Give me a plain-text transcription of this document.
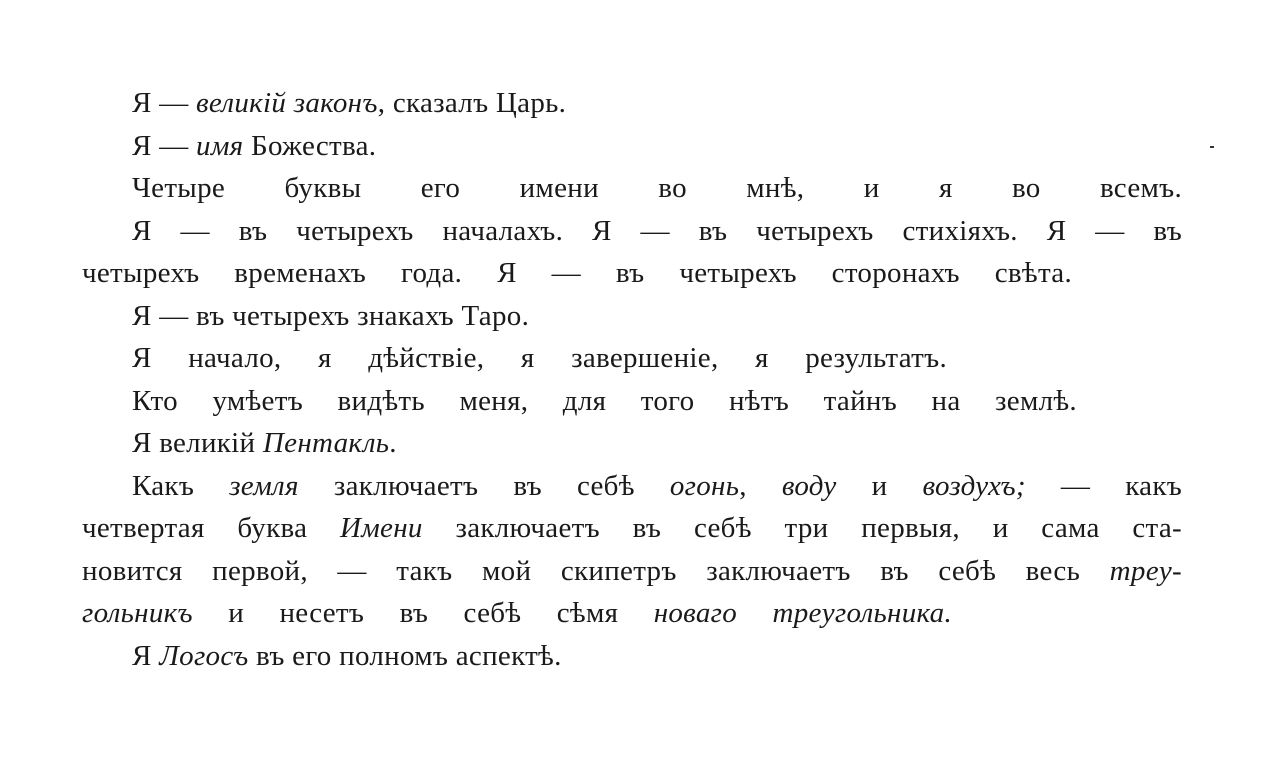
Я — великій законъ, сказалъ Царь.
Я — имя Божества.
Четыре буквы его имени во мнѣ, и я во всемъ.
Я — въ четырехъ началахъ. Я — въ четырехъ стихіяхъ. Я — въ
четырехъ временахъ года. Я — въ четырехъ сторонахъ свѣта.
Я — въ четырехъ знакахъ Таро.
Я начало, я дѣйствіе, я завершеніе, я результатъ.
Кто умѣетъ видѣть меня, для того нѣтъ тайнъ на землѣ.
Я великій Пентакль.
Какъ земля заключаетъ въ себѣ огонь, воду и воздухъ; — какъ
четвертая буква Имени заключаетъ въ себѣ три первыя, и сама ста-
новится первой, — такъ мой скипетръ заключаетъ въ себѣ весь треу-
гольникъ и несетъ въ себѣ сѣмя новаго треугольника.
Я Логосъ въ его полномъ аспектѣ.
